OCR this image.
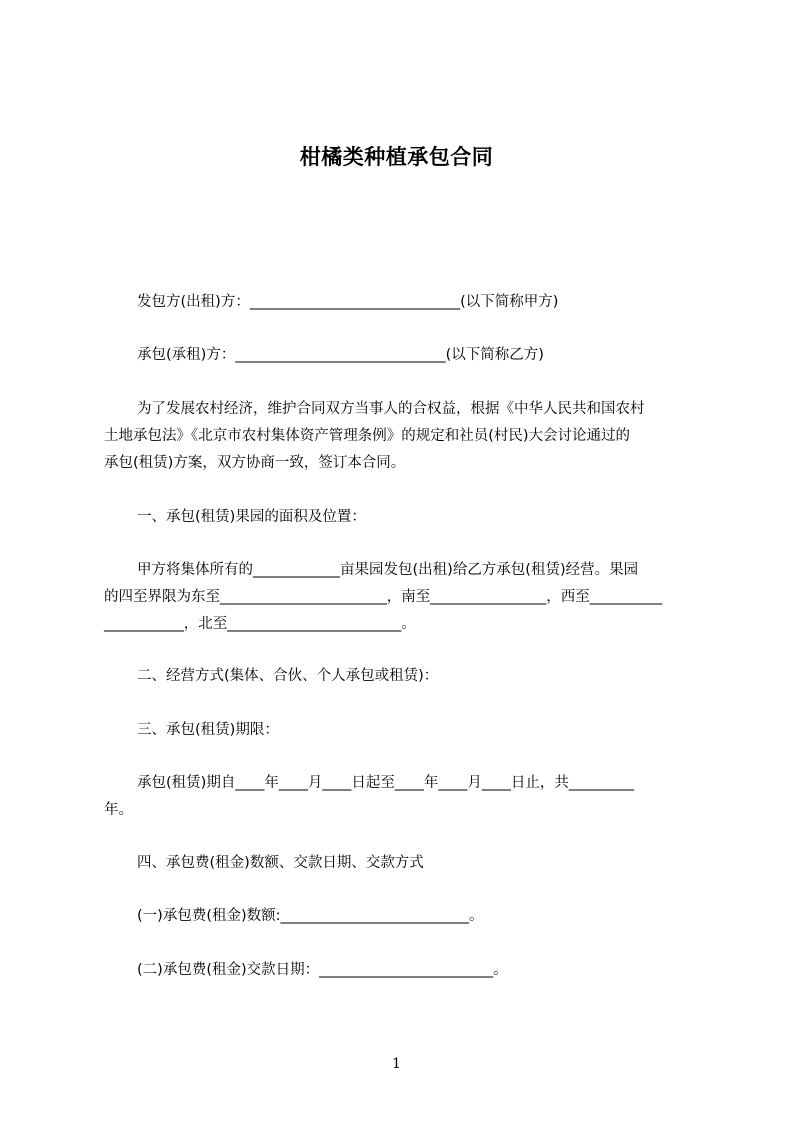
柑橘类种植承包合同

发包方(出租)方：_____________________________(以下简称甲方)

承包(承租)方：_____________________________(以下简称乙方)

为了发展农村经济，维护合同双方当事人的合权益，根据《中华人民共和国农村

土地承包法》《北京市农村集体资产管理条例》的规定和社员(村民)大会讨论通过的

承包(租赁)方案，双方协商一致，签订本合同。

一、承包(租赁)果园的面积及位置：

甲方将集体所有的____________亩果园发包(出租)给乙方承包(租赁)经营。果园

的四至界限为东至_______________________，南至________________，西至__________

___________，北至________________________。

二、经营方式(集体、合伙、个人承包或租赁)：

三、承包(租赁)期限：

承包(租赁)期自____年____月____日起至____年____月____日止，共_________

年。

四、承包费(租金)数额、交款日期、交款方式

(一)承包费(租金)数额:__________________________。

(二)承包费(租金)交款日期：________________________。

1
